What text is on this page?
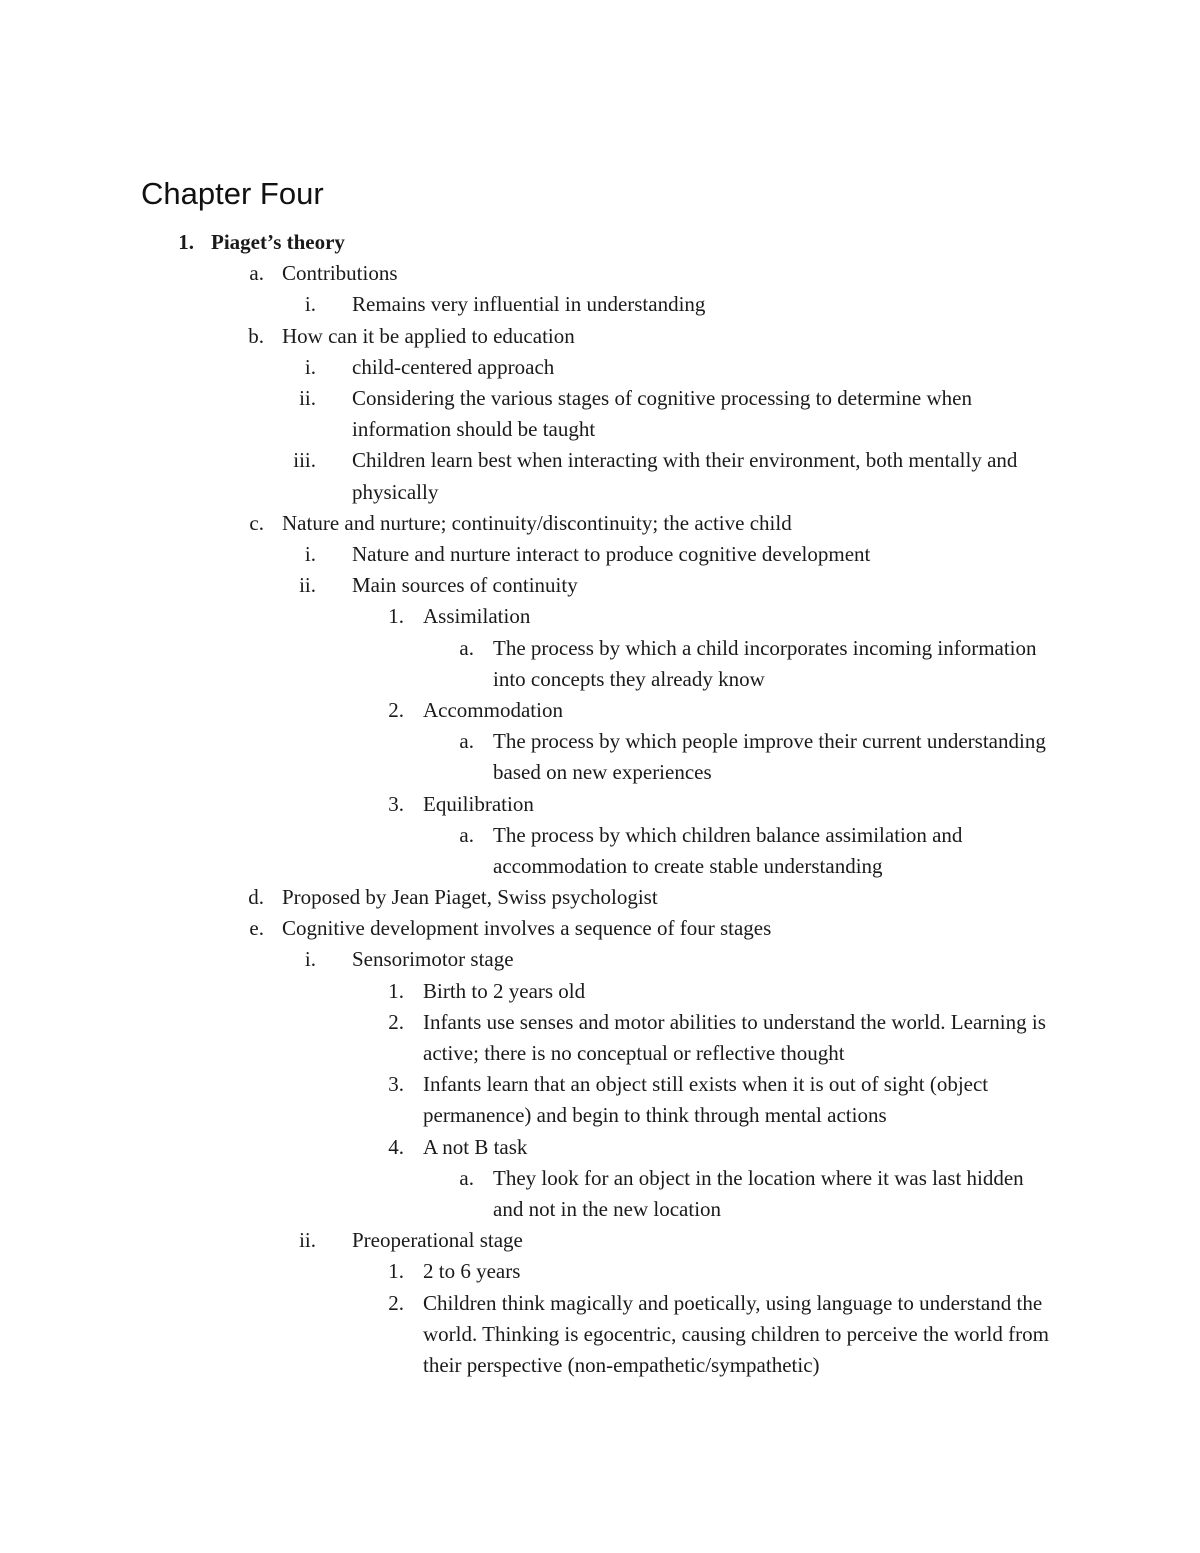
Chapter Four
1. Piaget’s theory
a. Contributions
i. Remains very influential in understanding
b. How can it be applied to education
i. child-centered approach
ii. Considering the various stages of cognitive processing to determine when information should be taught
iii. Children learn best when interacting with their environment, both mentally and physically
c. Nature and nurture; continuity/discontinuity; the active child
i. Nature and nurture interact to produce cognitive development
ii. Main sources of continuity
1. Assimilation
a. The process by which a child incorporates incoming information into concepts they already know
2. Accommodation
a. The process by which people improve their current understanding based on new experiences
3. Equilibration
a. The process by which children balance assimilation and accommodation to create stable understanding
d. Proposed by Jean Piaget, Swiss psychologist
e. Cognitive development involves a sequence of four stages
i. Sensorimotor stage
1. Birth to 2 years old
2. Infants use senses and motor abilities to understand the world. Learning is active; there is no conceptual or reflective thought
3. Infants learn that an object still exists when it is out of sight (object permanence) and begin to think through mental actions
4. A not B task
a. They look for an object in the location where it was last hidden and not in the new location
ii. Preoperational stage
1. 2 to 6 years
2. Children think magically and poetically, using language to understand the world. Thinking is egocentric, causing children to perceive the world from their perspective (non-empathetic/sympathetic)
